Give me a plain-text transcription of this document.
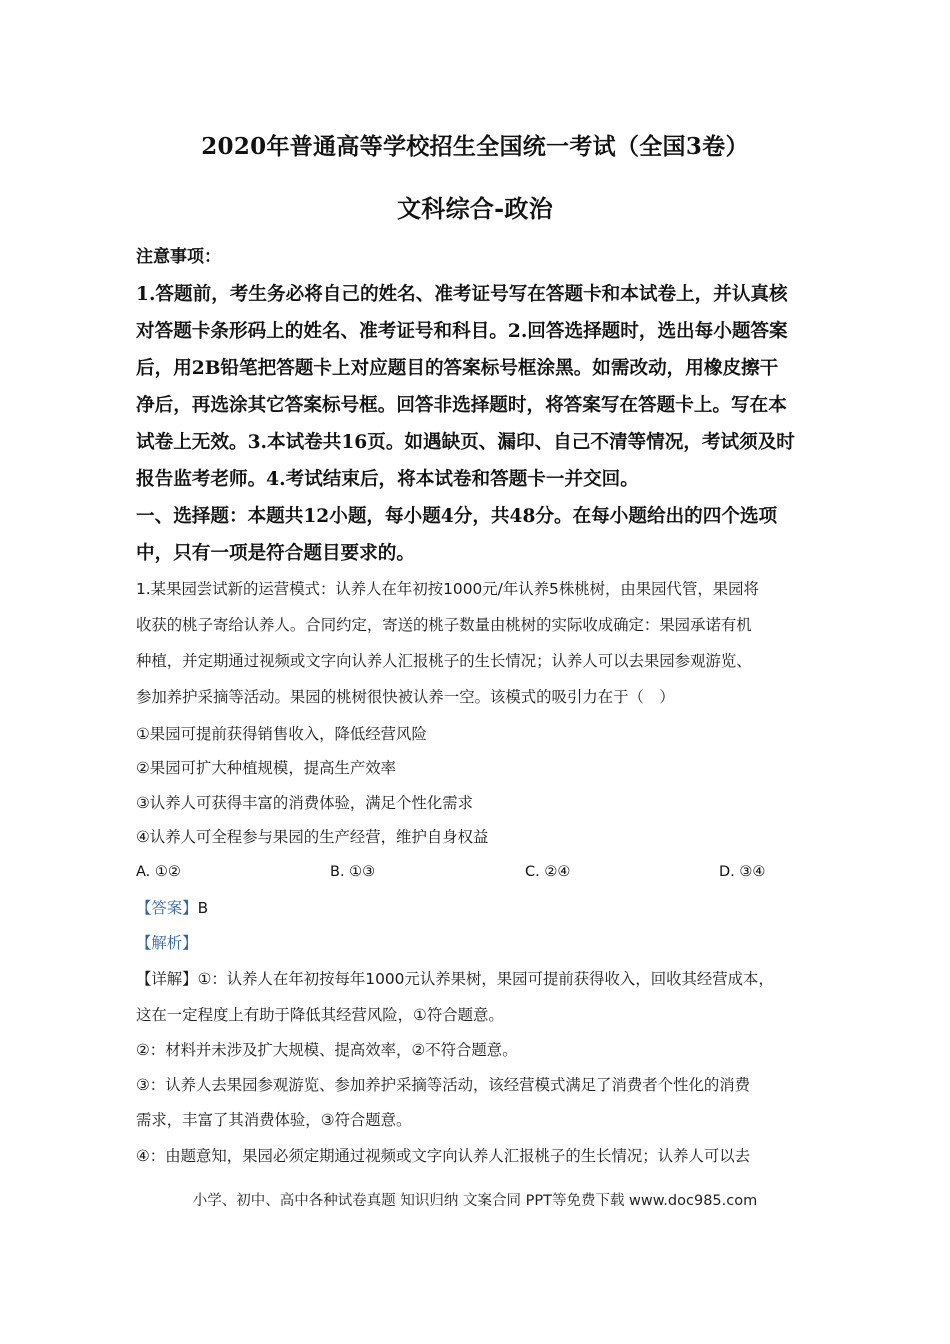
2020年普通高等学校招生全国统一考试（全国3卷）
文科综合-政治
注意事项：
1.答题前，考生务必将自己的姓名、准考证号写在答题卡和本试卷上，并认真核
对答题卡条形码上的姓名、准考证号和科目。2.回答选择题时，选出每小题答案
后，用2B铅笔把答题卡上对应题目的答案标号框涂黑。如需改动，用橡皮擦干
净后，再选涂其它答案标号框。回答非选择题时，将答案写在答题卡上。写在本
试卷上无效。3.本试卷共16页。如遇缺页、漏印、自己不清等情况，考试须及时
报告监考老师。4.考试结束后，将本试卷和答题卡一并交回。
一、选择题：本题共12小题，每小题4分，共48分。在每小题给出的四个选项
中，只有一项是符合题目要求的。
1.某果园尝试新的运营模式：认养人在年初按1000元/年认养5株桃树，由果园代管，果园将
收获的桃子寄给认养人。合同约定，寄送的桃子数量由桃树的实际收成确定：果园承诺有机
种植，并定期通过视频或文字向认养人汇报桃子的生长情况；认养人可以去果园参观游览、
参加养护采摘等活动。果园的桃树很快被认养一空。该模式的吸引力在于（　）
①果园可提前获得销售收入，降低经营风险
②果园可扩大种植规模，提高生产效率
③认养人可获得丰富的消费体验，满足个性化需求
④认养人可全程参与果园的生产经营，维护自身权益
A. ①②	B. ①③	C. ②④	D. ③④
【答案】B
【解析】
【详解】①：认养人在年初按每年1000元认养果树，果园可提前获得收入，回收其经营成本，
这在一定程度上有助于降低其经营风险，①符合题意。
②：材料并未涉及扩大规模、提高效率，②不符合题意。
③：认养人去果园参观游览、参加养护采摘等活动，该经营模式满足了消费者个性化的消费
需求，丰富了其消费体验，③符合题意。
④：由题意知，果园必须定期通过视频或文字向认养人汇报桃子的生长情况；认养人可以去
小学、初中、高中各种试卷真题 知识归纳 文案合同 PPT等免费下载 www.doc985.com
